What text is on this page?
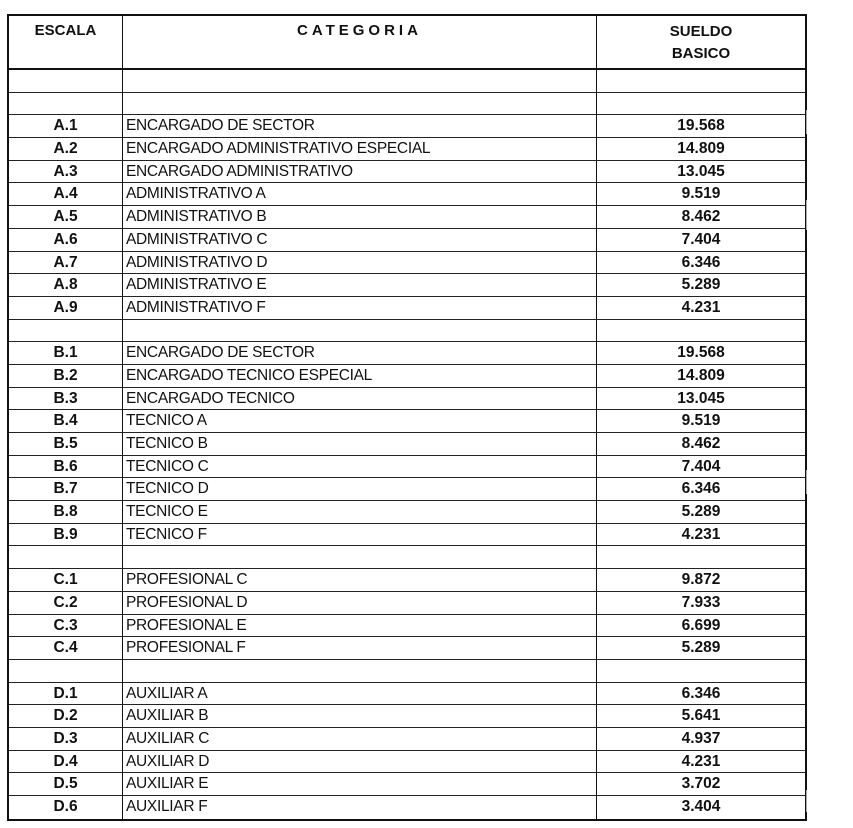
ESCALA	CATEGORIA	SUELDO
BASICO
A.1	ENCARGADO DE SECTOR	19.568
A.2	ENCARGADO ADMINISTRATIVO ESPECIAL	14.809
A.3	ENCARGADO ADMINISTRATIVO	13.045
A.4	ADMINISTRATIVO A	9.519
A.5	ADMINISTRATIVO B	8.462
A.6	ADMINISTRATIVO C	7.404
A.7	ADMINISTRATIVO D	6.346
A.8	ADMINISTRATIVO E	5.289
A.9	ADMINISTRATIVO F	4.231
B.1	ENCARGADO DE SECTOR	19.568
B.2	ENCARGADO TECNICO ESPECIAL	14.809
B.3	ENCARGADO TECNICO	13.045
B.4	TECNICO A	9.519
B.5	TECNICO B	8.462
B.6	TECNICO C	7.404
B.7	TECNICO D	6.346
B.8	TECNICO E	5.289
B.9	TECNICO F	4.231
C.1	PROFESIONAL C	9.872
C.2	PROFESIONAL D	7.933
C.3	PROFESIONAL E	6.699
C.4	PROFESIONAL F	5.289
D.1	AUXILIAR A	6.346
D.2	AUXILIAR B	5.641
D.3	AUXILIAR C	4.937
D.4	AUXILIAR D	4.231
D.5	AUXILIAR E	3.702
D.6	AUXILIAR F	3.404
